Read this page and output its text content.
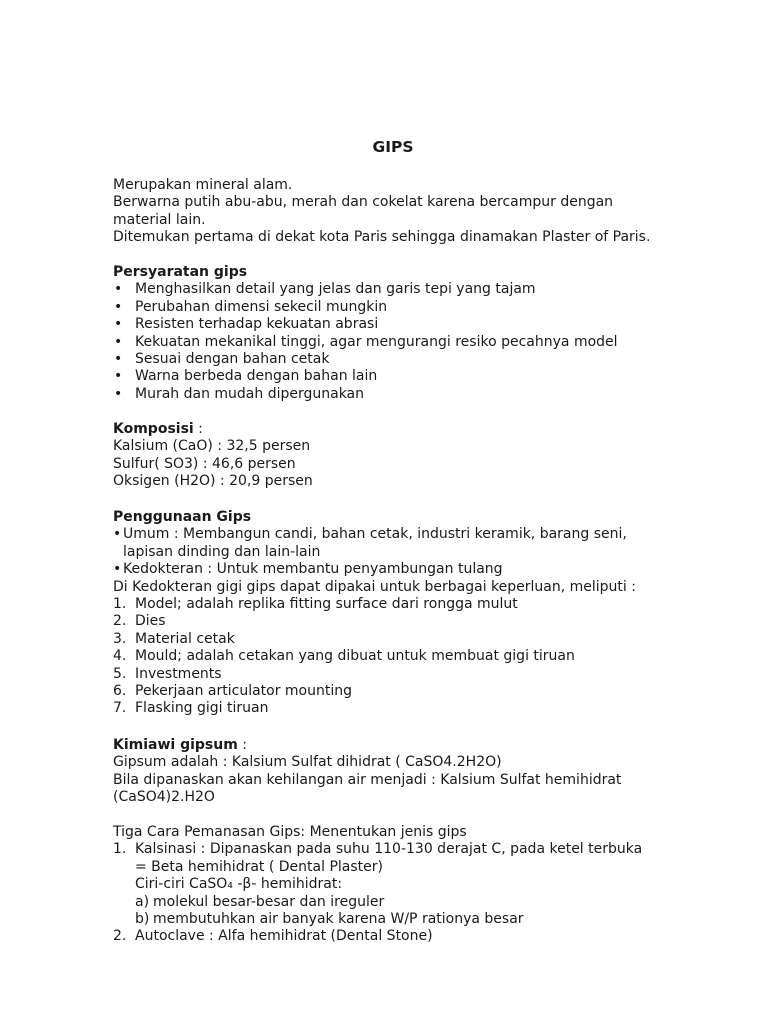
GIPS

Merupakan mineral alam.

Berwarna putih abu-abu, merah dan cokelat karena bercampur dengan material lain.

Ditemukan pertama di dekat kota Paris sehingga dinamakan Plaster of Paris.

Persyaratan gips

• Menghasilkan detail yang jelas dan garis tepi yang tajam
• Perubahan dimensi sekecil mungkin
• Resisten terhadap kekuatan abrasi
• Kekuatan mekanikal tinggi, agar mengurangi resiko pecahnya model
• Sesuai dengan bahan cetak
• Warna berbeda dengan bahan lain
• Murah dan mudah dipergunakan

Komposisi :

Kalsium (CaO) : 32,5 persen

Sulfur( SO3) : 46,6 persen

Oksigen (H2O) : 20,9 persen

Penggunaan Gips

• Umum : Membangun candi, bahan cetak, industri keramik, barang seni, lapisan dinding dan lain-lain
• Kedokteran : Untuk membantu penyambungan tulang

Di Kedokteran gigi gips dapat dipakai untuk berbagai keperluan, meliputi :

1. Model; adalah replika fitting surface dari rongga mulut
2. Dies
3. Material cetak
4. Mould; adalah cetakan yang dibuat untuk membuat gigi tiruan
5. Investments
6. Pekerjaan articulator mounting
7. Flasking gigi tiruan

Kimiawi gipsum :

Gipsum adalah : Kalsium Sulfat dihidrat ( CaSO4.2H2O)

Bila dipanaskan akan kehilangan air menjadi : Kalsium Sulfat hemihidrat (CaSO4)2.H2O

Tiga Cara Pemanasan Gips: Menentukan jenis gips

1. Kalsinasi : Dipanaskan pada suhu 110-130 derajat C, pada ketel terbuka = Beta hemihidrat ( Dental Plaster)
Ciri-ciri CaSO₄ -β- hemihidrat:
a) molekul besar-besar dan ireguler
b) membutuhkan air banyak karena W/P rationya besar
2. Autoclave : Alfa hemihidrat (Dental Stone)
